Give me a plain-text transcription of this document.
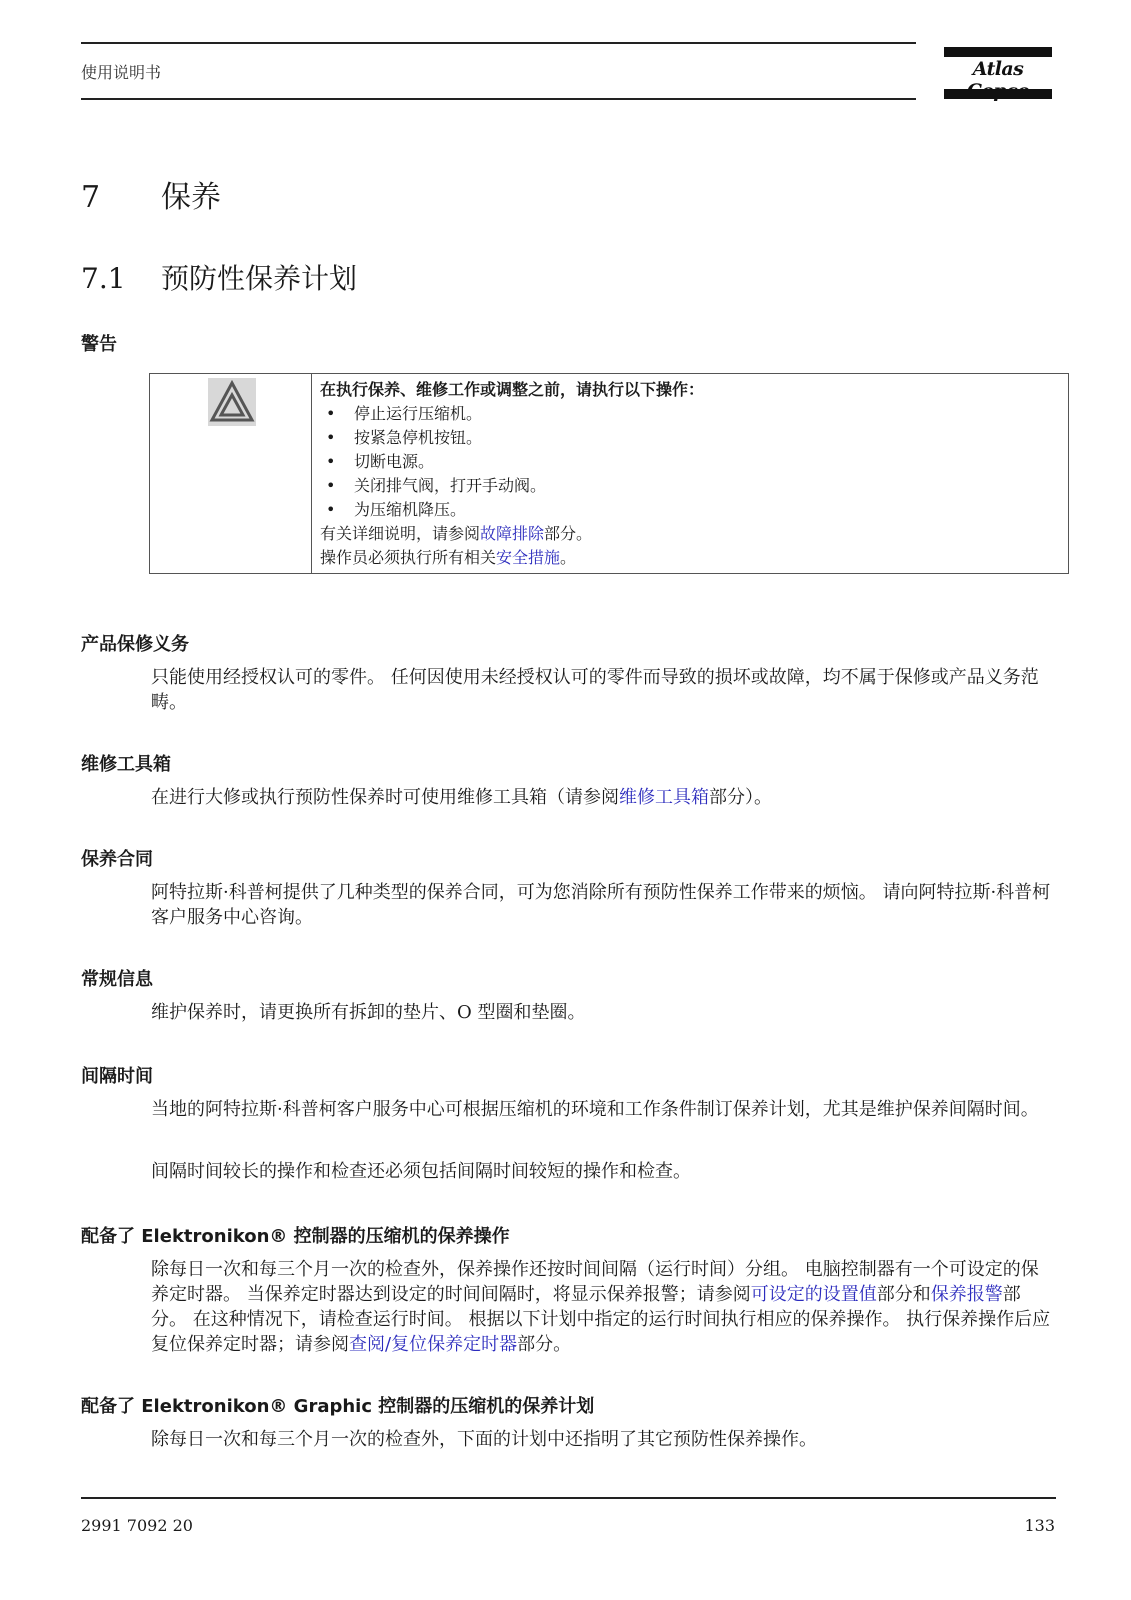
使用说明书	Atlas
7 保养
7.1 预防性保养计划
警告
在执行保养、维修工作或调整之前，请执行以下操作：
• 停止运行压缩机。
• 按紧急停机按钮。
• 切断电源。
• 关闭排气阀，打开手动阀。
• 为压缩机降压。
有关详细说明，请参阅故障排除部分。
操作员必须执行所有相关安全措施。
产品保修义务

只能使用经授权认可的零件。 任何因使用未经授权认可的零件而导致的损坏或故障，均不属于保修或产品义务范畴。

维修工具箱

在进行大修或执行预防性保养时可使用维修工具箱（请参阅维修工具箱部分）。

保养合同

阿特拉斯·科普柯提供了几种类型的保养合同，可为您消除所有预防性保养工作带来的烦恼。 请向阿特拉斯·科普柯客户服务中心咨询。

常规信息

维护保养时，请更换所有拆卸的垫片、O 型圈和垫圈。

间隔时间

当地的阿特拉斯·科普柯客户服务中心可根据压缩机的环境和工作条件制订保养计划，尤其是维护保养间隔时间。

间隔时间较长的操作和检查还必须包括间隔时间较短的操作和检查。

配备了 Elektronikon® 控制器的压缩机的保养操作

除每日一次和每三个月一次的检查外，保养操作还按时间间隔（运行时间）分组。 电脑控制器有一个可设定的保养定时器。 当保养定时器达到设定的时间间隔时，将显示保养报警；请参阅可设定的设置值部分和保养报警部分。 在这种情况下，请检查运行时间。 根据以下计划中指定的运行时间执行相应的保养操作。 执行保养操作后应复位保养定时器；请参阅查阅/复位保养定时器部分。

配备了 Elektronikon® Graphic 控制器的压缩机的保养计划

除每日一次和每三个月一次的检查外，下面的计划中还指明了其它预防性保养操作。

2991 7092 20	133
